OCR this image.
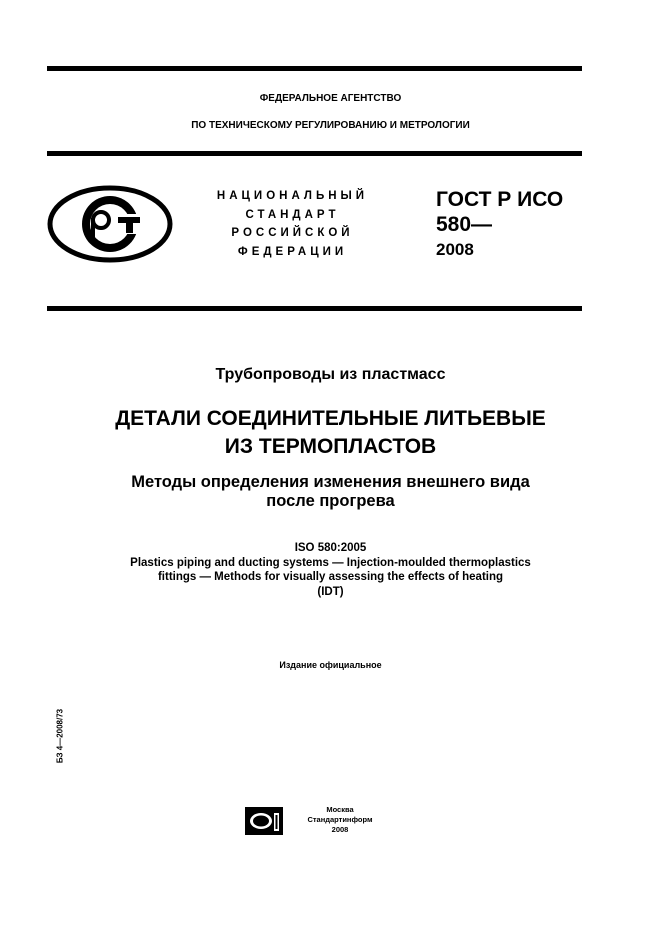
ФЕДЕРАЛЬНОЕ АГЕНТСТВО
ПО ТЕХНИЧЕСКОМУ РЕГУЛИРОВАНИЮ И МЕТРОЛОГИИ
НАЦИОНАЛЬНЫЙ
СТАНДАРТ
РОССИЙСКОЙ
ФЕДЕРАЦИИ
ГОСТ Р ИСО
580—
2008
Трубопроводы из пластмасс
ДЕТАЛИ СОЕДИНИТЕЛЬНЫЕ ЛИТЬЕВЫЕ
ИЗ ТЕРМОПЛАСТОВ
Методы определения изменения внешнего вида
после прогрева
ISO 580:2005
Plastics piping and ducting systems — Injection-moulded thermoplastics
fittings — Methods for visually assessing the effects of heating
(IDT)
Издание официальное
БЗ 4—2008/73
Москва
Стандартинформ
2008
